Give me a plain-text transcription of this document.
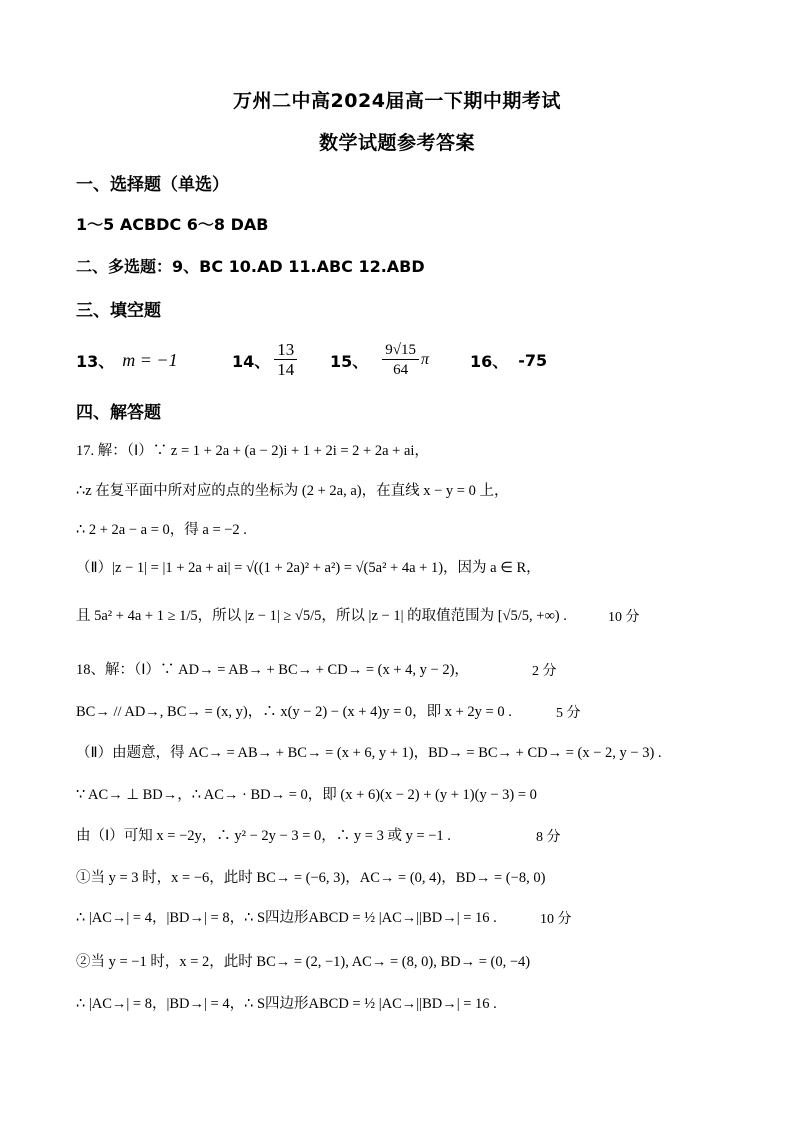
万州二中高2024届高一下期中期考试
数学试题参考答案
一、选择题（单选）
1～5 ACBDC 6～8 DAB
二、多选题：9、BC 10.AD 11.ABC 12.ABD
三、填空题
13、 m = −1	14、 $\frac{13}{14} 15$、 $\frac{9√15}{64}$ π	16、 -75
四、解答题
17. 解：（Ⅰ）∵ z = 1 + 2a + (a − 2)i + 1 + 2i = 2 + 2a + ai，
∴z 在复平面中所对应的点的坐标为 (2 + 2a, a)，在直线 x − y = 0 上，
∴ 2 + 2a − a = 0，得 a = −2 .
（Ⅱ）|z − 1| = |1 + 2a + ai| = √((1 + 2a)² + a²) = √(5a² + 4a + 1)，因为 a ∈ R，
且 5a² + 4a + 1 ≥ 1/5，所以 |z − 1| ≥ √5/5，所以 |z − 1| 的取值范围为 [√5/5, +∞) .	10 分
18、解：（Ⅰ）∵ AD→ = AB→ + BC→ + CD→ = (x + 4, y − 2)，	2 分
BC→ // AD→, BC→ = (x, y)，∴ x(y − 2) − (x + 4)y = 0，即 x + 2y = 0 .	5 分
（Ⅱ）由题意，得 AC→ = AB→ + BC→ = (x + 6, y + 1)，BD→ = BC→ + CD→ = (x − 2, y − 3) .
∵ AC→ ⊥ BD→，∴ AC→ · BD→ = 0，即 (x + 6)(x − 2) + (y + 1)(y − 3) = 0
由（Ⅰ）可知 x = −2y，∴ y² − 2y − 3 = 0，∴ y = 3 或 y = −1 .	8 分
①当 y = 3 时，x = −6，此时 BC→ = (−6, 3)，AC→ = (0, 4)，BD→ = (−8, 0)
∴ |AC→| = 4，|BD→| = 8，∴ S四边形ABCD = ½ |AC→||BD→| = 16 .	10 分
②当 y = −1 时，x = 2，此时 BC→ = (2, −1), AC→ = (8, 0), BD→ = (0, −4)
∴ |AC→| = 8，|BD→| = 4，∴ S四边形ABCD = ½ |AC→||BD→| = 16 .
